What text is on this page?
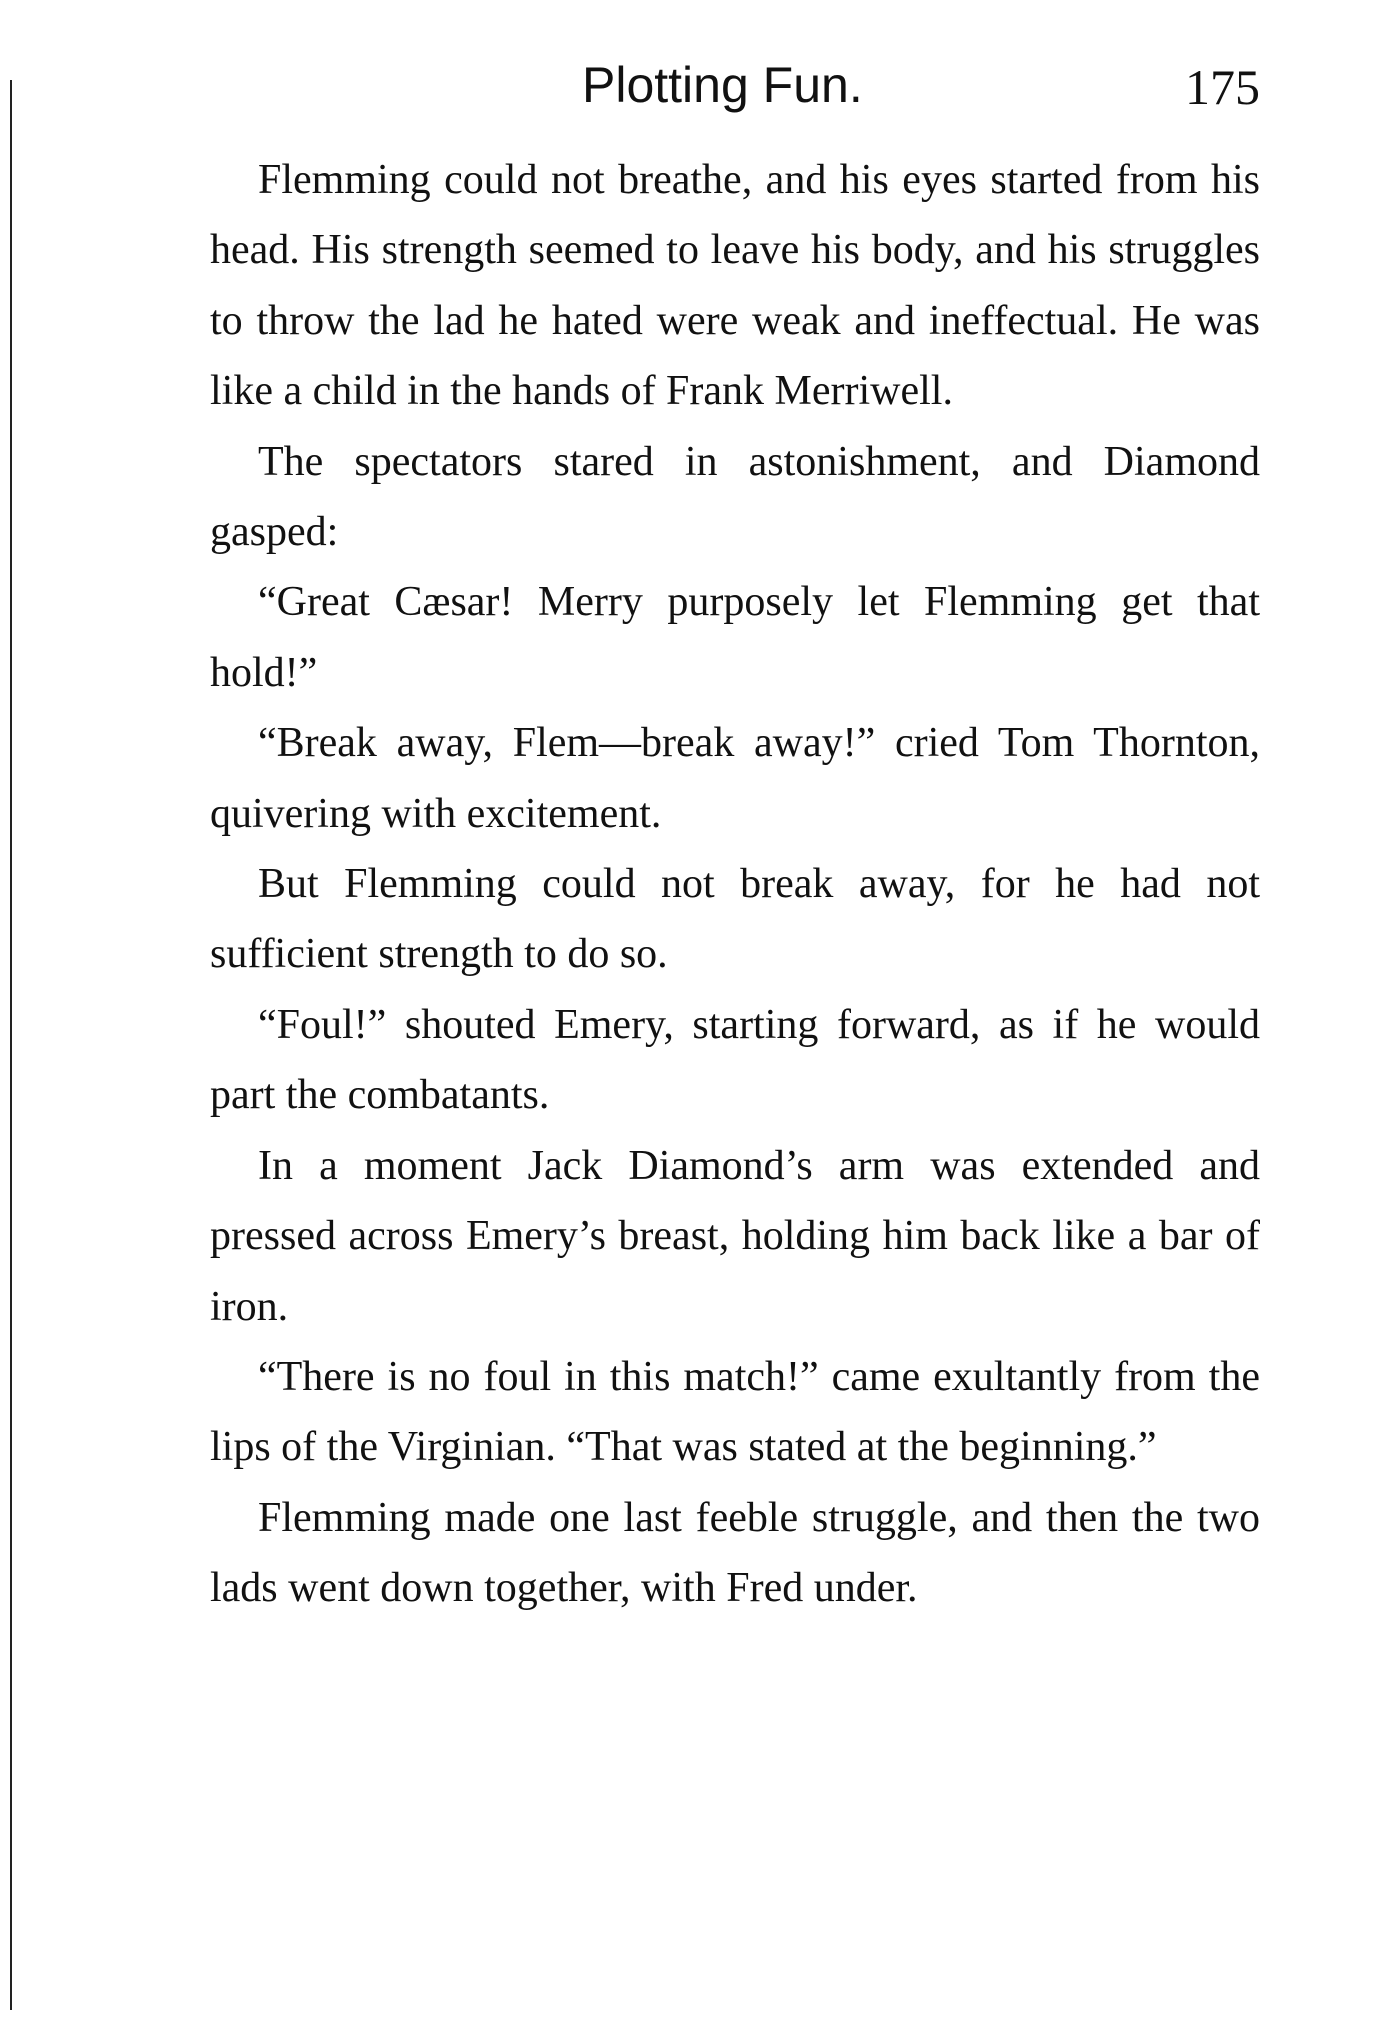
Plotting Fun.	175

Flemming could not breathe, and his eyes started from his head. His strength seemed to leave his body, and his struggles to throw the lad he hated were weak and ineffectual. He was like a child in the hands of Frank Merriwell.

The spectators stared in astonishment, and Diamond gasped:

“Great Cæsar! Merry purposely let Flemming get that hold!”

“Break away, Flem—break away!” cried Tom Thornton, quivering with excitement.

But Flemming could not break away, for he had not sufficient strength to do so.

“Foul!” shouted Emery, starting forward, as if he would part the combatants.

In a moment Jack Diamond’s arm was extended and pressed across Emery’s breast, holding him back like a bar of iron.

“There is no foul in this match!” came exultantly from the lips of the Virginian. “That was stated at the beginning.”

Flemming made one last feeble struggle, and then the two lads went down together, with Fred under.
